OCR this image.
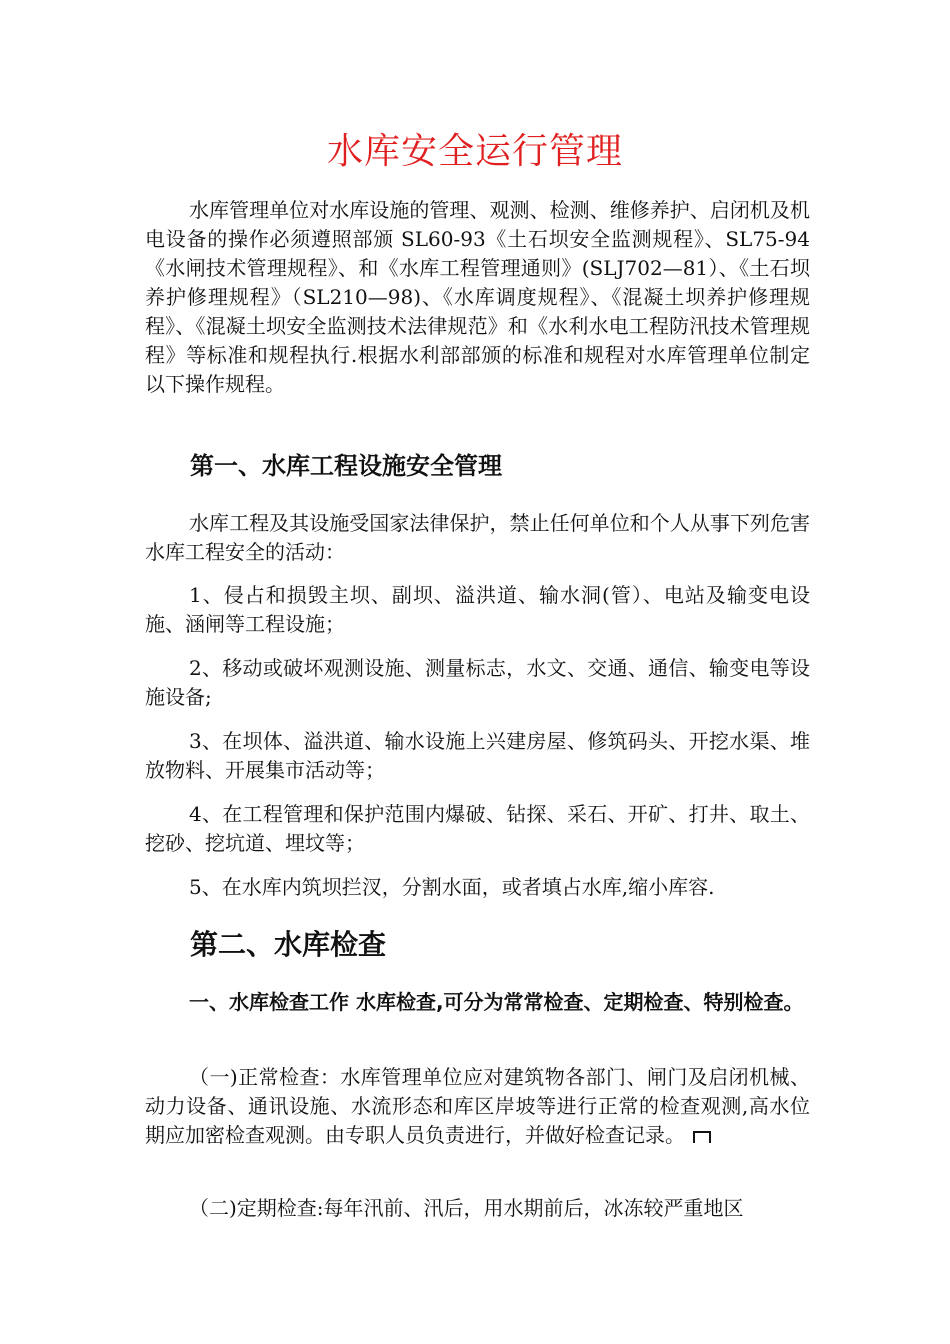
水库安全运行管理
水库管理单位对水库设施的管理、观测、检测、维修养护、启闭机及机电设备的操作必须遵照部颁 SL60-93《土石坝安全监测规程》、SL75-94《水闸技术管理规程》、和《水库工程管理通则》(SLJ702—81）、《土石坝养护修理规程》（SL210—98)、《水库调度规程》、《混凝土坝养护修理规程》、《混凝土坝安全监测技术法律规范》和《水利水电工程防汛技术管理规程》等标准和规程执行.根据水利部部颁的标准和规程对水库管理单位制定以下操作规程。
第一、水库工程设施安全管理
水库工程及其设施受国家法律保护，禁止任何单位和个人从事下列危害水库工程安全的活动：
1、侵占和损毁主坝、副坝、溢洪道、输水洞(管）、电站及输变电设施、涵闸等工程设施；
2、移动或破坏观测设施、测量标志，水文、交通、通信、输变电等设施设备;
3、在坝体、溢洪道、输水设施上兴建房屋、修筑码头、开挖水渠、堆放物料、开展集市活动等；
4、在工程管理和保护范围内爆破、钻探、采石、开矿、打井、取土、挖砂、挖坑道、埋坟等；
5、在水库内筑坝拦汊，分割水面，或者填占水库,缩小库容.
第二、水库检查
一、水库检查工作 水库检查,可分为常常检查、定期检查、特别检查。
（一)正常检查：水库管理单位应对建筑物各部门、闸门及启闭机械、动力设备、通讯设施、水流形态和库区岸坡等进行正常的检查观测,高水位期应加密检查观测。由专职人员负责进行，并做好检查记录。
（二)定期检查:每年汛前、汛后，用水期前后，冰冻较严重地区
